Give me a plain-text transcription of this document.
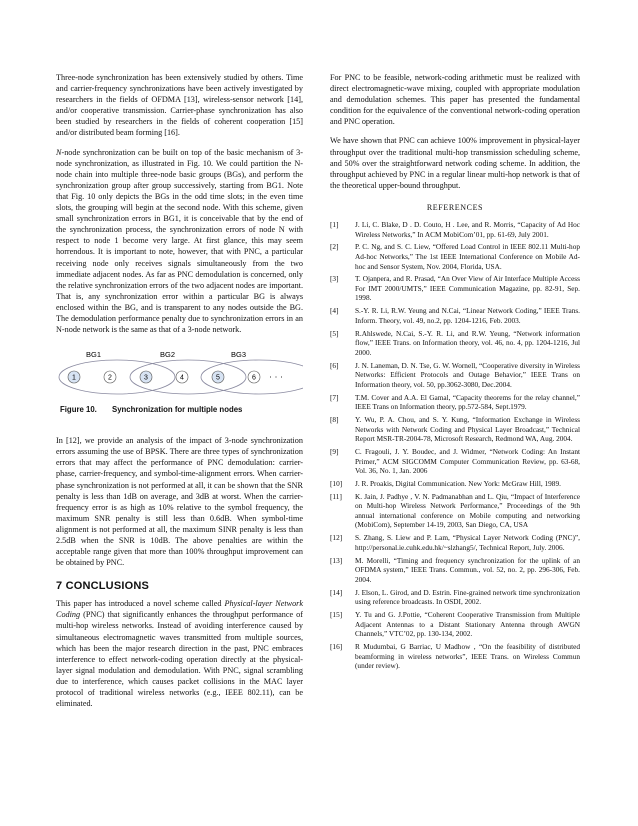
Three-node synchronization has been extensively studied by others. Time and carrier-frequency synchronizations have been actively investigated by researchers in the fields of OFDMA [13], wireless-sensor network [14], and/or cooperative transmission. Carrier-phase synchronization has also been studied by researchers in the fields of coherent cooperation [15] and/or distributed beam forming [16].

N-node synchronization can be built on top of the basic mechanism of 3-node synchronization, as illustrated in Fig. 10. We could partition the N-node chain into multiple three-node basic groups (BGs), and perform the synchronization group after group successively, starting from BG1. Note that Fig. 10 only depicts the BGs in the odd time slots; in the even time slots, the grouping will begin at the second node. With this scheme, given small synchronization errors in BG1, it is conceivable that by the end of the synchronization process, the synchronization errors of node N with respect to node 1 become very large. At first glance, this may seem horrendous. It is important to note, however, that with PNC, a particular receiving node only receives signals simultaneously from the two immediate adjacent nodes. As far as PNC demodulation is concerned, only the relative synchronization errors of the two adjacent nodes are important. That is, any synchronization error within a particular BG is always enclosed within the BG, and is transparent to any nodes outside the BG. The demodulation performance penalty due to synchronization errors in an N-node network is the same as that of a 3-node network.

BG1	BG2	BG3
1	2	3	4	5	6 · · ·
Figure 10. Synchronization for multiple nodes

In [12], we provide an analysis of the impact of 3-node synchronization errors assuming the use of BPSK. There are three types of synchronization errors that may affect the performance of PNC demodulation: carrier-phase, carrier-frequency, and symbol-time-alignment errors. When carrier-phase synchronization is not performed at all, it can be shown that the SNR penalty is less than 1dB on average, and 3dB at worst. When the carrier-frequency error is as high as 10% relative to the symbol frequency, the maximum SNR penalty is still less than 0.6dB. When symbol-time alignment is not performed at all, the maximum SINR penalty is less than 2.5dB when the SNR is 10dB. The above penalties are within the acceptable range given that more than 100% throughput improvement can be obtained by PNC.

7 CONCLUSIONS

This paper has introduced a novel scheme called Physical-layer Network Coding (PNC) that significantly enhances the throughput performance of multi-hop wireless networks. Instead of avoiding interference caused by simultaneous electromagnetic waves transmitted from multiple sources, which has been the major research direction in the past, PNC embraces interference to effect network-coding operation directly at the physical-layer signal modulation and demodulation. With PNC, signal scrambling due to interference, which causes packet collisions in the MAC layer protocol of traditional wireless networks (e.g., IEEE 802.11), can be eliminated.

For PNC to be feasible, network-coding arithmetic must be realized with direct electromagnetic-wave mixing, coupled with appropriate modulation and demodulation schemes. This paper has presented the fundamental condition for the equivalence of the conventional network-coding operation and PNC operation.

We have shown that PNC can achieve 100% improvement in physical-layer throughput over the traditional multi-hop transmission scheduling scheme, and 50% over the straightforward network coding scheme. In addition, the throughput achieved by PNC in a regular linear multi-hop network is that of the theoretical upper-bound throughput.

REFERENCES
[1] J. Li, C. Blake, D . D. Couto, H . Lee, and R. Morris, “Capacity of Ad Hoc Wireless Networks,” In ACM MobiCom’01, pp. 61-69, July 2001.
[2] P. C. Ng, and S. C. Liew, “Offered Load Control in IEEE 802.11 Multi-hop Ad-hoc Networks,” The 1st IEEE International Conference on Mobile Ad-hoc and Sensor System, Nov. 2004, Florida, USA.
[3] T. Ojanpera, and R. Prasad, “An Over View of Air Interface Multiple Access For IMT 2000/UMTS,” IEEE Communication Magazine, pp. 82-91, Sep. 1998.
[4] S.-Y. R. Li, R.W. Yeung and N.Cai, “Linear Network Coding,” IEEE Trans. Inform. Theory, vol. 49, no.2, pp. 1204-1216, Feb. 2003.
[5] R.Ahlswede, N.Cai, S.-Y. R. Li, and R.W. Yeung, “Network information flow,” IEEE Trans. on Information theory, vol. 46, no. 4, pp. 1204-1216, Jul 2000.
[6] J. N. Laneman, D. N. Tse, G. W. Wornell, “Cooperative diversity in Wireless Networks: Efficient Protocols and Outage Behavior,” IEEE Trans on Information theory, vol. 50, pp.3062-3080, Dec.2004.
[7] T.M. Cover and A.A. El Gamal, “Capacity theorems for the relay channel,” IEEE Trans on Information theory, pp.572-584, Sept.1979.
[8] Y. Wu, P. A. Chou, and S. Y. Kung, “Information Exchange in Wireless Networks with Network Coding and Physical Layer Broadcast,” Technical Report MSR-TR-2004-78, Microsoft Research, Redmond WA, Aug. 2004.
[9] C. Fragouli, J. Y. Boudec, and J. Widmer, “Network Coding: An Instant Primer,” ACM SIGCOMM Computer Communication Review, pp. 63-68, Vol. 36, No. 1, Jan. 2006
[10] J. R. Proakis, Digital Communication. New York: McGraw Hill, 1989.
[11] K. Jain, J. Padhye , V. N. Padmanabhan and L. Qiu, “Impact of Interference on Multi-hop Wireless Network Performance,” Proceedings of the 9th annual international conference on Mobile computing and networking (MobiCom), September 14-19, 2003, San Diego, CA, USA
[12] S. Zhang, S. Liew and P. Lam, “Physical Layer Network Coding (PNC)”, http://personal.ie.cuhk.edu.hk/~slzhang5/, Technical Report, July. 2006.
[13] M. Morelli, “Timing and frequency synchronization for the uplink of an OFDMA system,” IEEE Trans. Commun., vol. 52, no. 2, pp. 296-306, Feb. 2004.
[14] J. Elson, L. Girod, and D. Estrin. Fine-grained network time synchronization using reference broadcasts. In OSDI, 2002.
[15] Y. Tu and G. J.Pottie, “Coherent Cooperative Transmission from Multiple Adjacent Antennas to a Distant Stationary Antenna through AWGN Channels,” VTC’02, pp. 130-134, 2002.
[16] R Mudumbai, G Barriac, U Madhow , “On the feasibility of distributed beamforming in wireless networks”, IEEE Trans. on Wireless Commun (under review).
